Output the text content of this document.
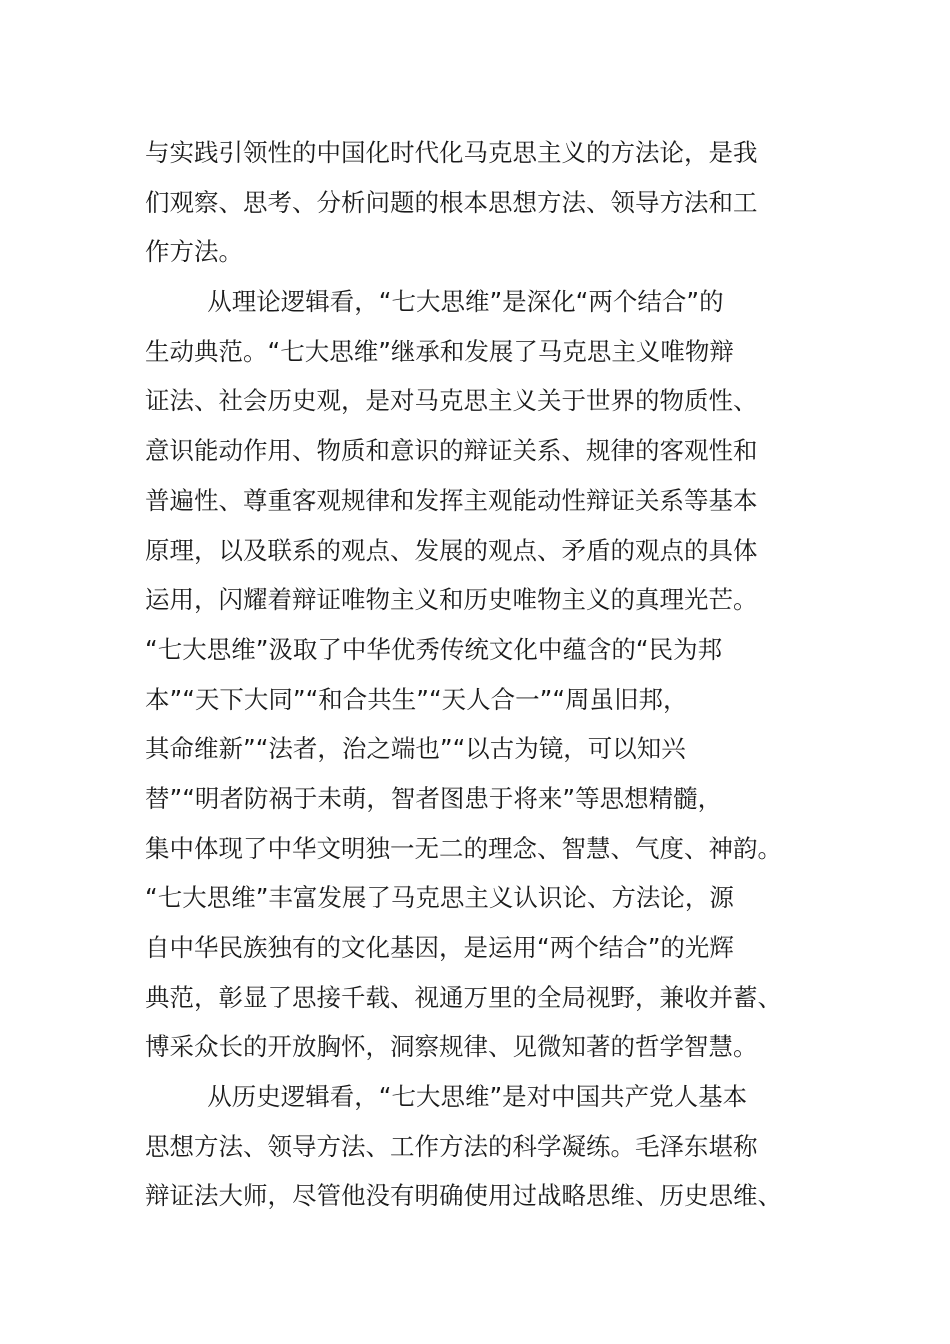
与实践引领性的中国化时代化马克思主义的方法论，是我
们观察、思考、分析问题的根本思想方法、领导方法和工
作方法。
从理论逻辑看，“七大思维”是深化“两个结合”的
生动典范。“七大思维”继承和发展了马克思主义唯物辩
证法、社会历史观，是对马克思主义关于世界的物质性、
意识能动作用、物质和意识的辩证关系、规律的客观性和
普遍性、尊重客观规律和发挥主观能动性辩证关系等基本
原理，以及联系的观点、发展的观点、矛盾的观点的具体
运用，闪耀着辩证唯物主义和历史唯物主义的真理光芒。
“七大思维”汲取了中华优秀传统文化中蕴含的“民为邦
本”“天下大同”“和合共生”“天人合一”“周虽旧邦，
其命维新”“法者，治之端也”“以古为镜，可以知兴
替”“明者防祸于未萌，智者图患于将来”等思想精髓，
集中体现了中华文明独一无二的理念、智慧、气度、神韵。
“七大思维”丰富发展了马克思主义认识论、方法论，源
自中华民族独有的文化基因，是运用“两个结合”的光辉
典范，彰显了思接千载、视通万里的全局视野，兼收并蓄、
博采众长的开放胸怀，洞察规律、见微知著的哲学智慧。
从历史逻辑看，“七大思维”是对中国共产党人基本
思想方法、领导方法、工作方法的科学凝练。毛泽东堪称
辩证法大师，尽管他没有明确使用过战略思维、历史思维、
